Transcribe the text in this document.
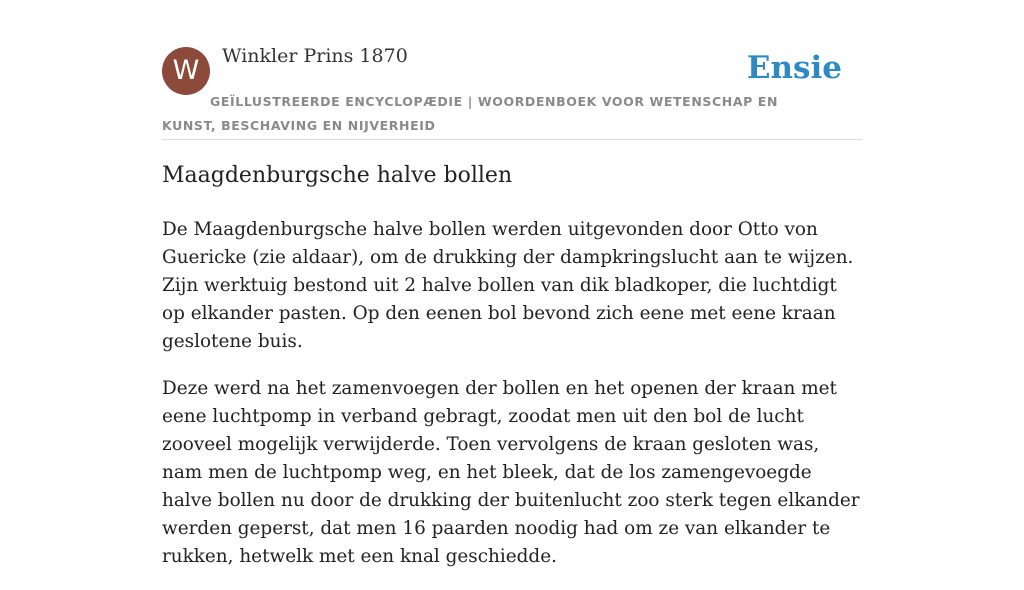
W	Winkler Prins 1870	Ensie
GEÏLLUSTREERDE ENCYCLOPÆDIE | WOORDENBOEK VOOR WETENSCHAP EN KUNST, BESCHAVING EN NIJVERHEID
Maagdenburgsche halve bollen

De Maagdenburgsche halve bollen werden uitgevonden door Otto von Guericke (zie aldaar), om de drukking der dampkringslucht aan te wijzen. Zijn werktuig bestond uit 2 halve bollen van dik bladkoper, die luchtdigt op elkander pasten. Op den eenen bol bevond zich eene met eene kraan geslotene buis.

Deze werd na het zamenvoegen der bollen en het openen der kraan met eene luchtpomp in verband gebragt, zoodat men uit den bol de lucht zooveel mogelijk verwijderde. Toen vervolgens de kraan gesloten was, nam men de luchtpomp weg, en het bleek, dat de los zamengevoegde halve bollen nu door de drukking der buitenlucht zoo sterk tegen elkander werden geperst, dat men 16 paarden noodig had om ze van elkander te rukken, hetwelk met een knal geschiedde.
